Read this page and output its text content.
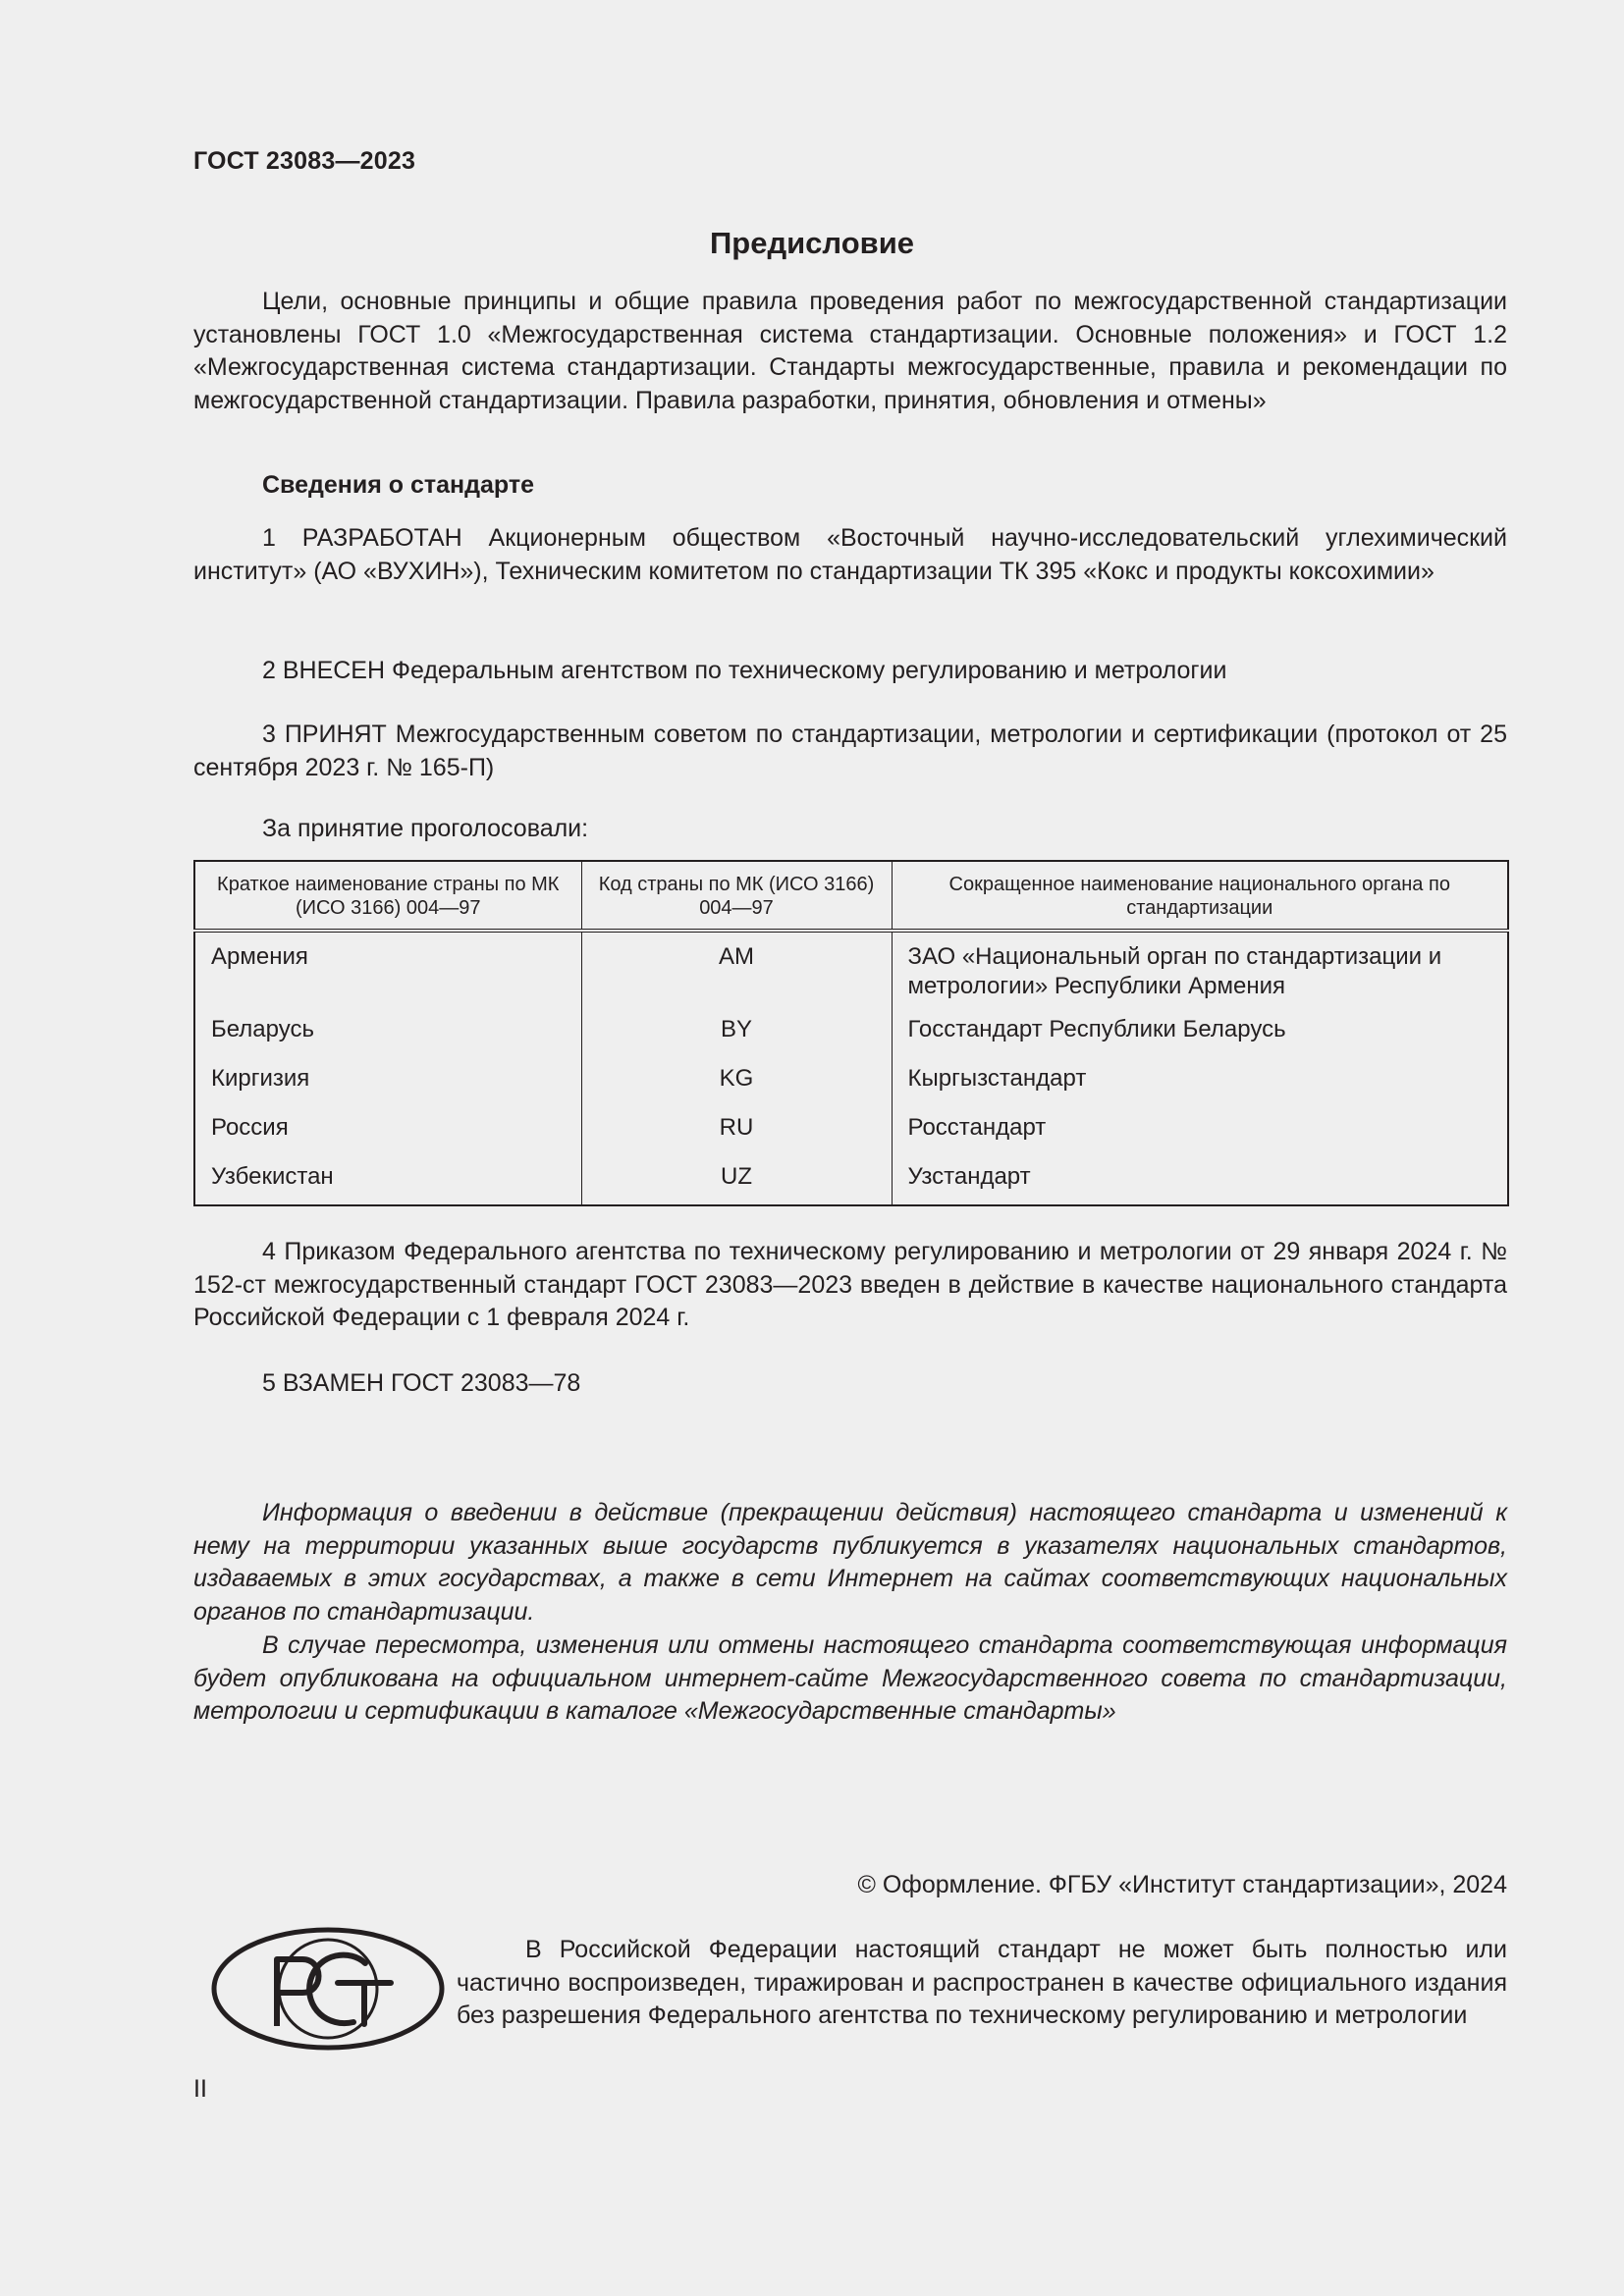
ГОСТ 23083—2023
Предисловие

Цели, основные принципы и общие правила проведения работ по межгосударственной стандартизации установлены ГОСТ 1.0 «Межгосударственная система стандартизации. Основные положения» и ГОСТ 1.2 «Межгосударственная система стандартизации. Стандарты межгосударственные, правила и рекомендации по межгосударственной стандартизации. Правила разработки, принятия, обновления и отмены»

Сведения о стандарте

1 РАЗРАБОТАН Акционерным обществом «Восточный научно-исследовательский углехимический институт» (АО «ВУХИН»), Техническим комитетом по стандартизации ТК 395 «Кокс и продукты коксохимии»

2 ВНЕСЕН Федеральным агентством по техническому регулированию и метрологии

3 ПРИНЯТ Межгосударственным советом по стандартизации, метрологии и сертификации (протокол от 25 сентября 2023 г. № 165-П)

За принятие проголосовали:
Краткое наименование страны по МК (ИСО 3166) 004—97	Код страны по МК (ИСО 3166) 004—97	Сокращенное наименование национального органа по стандартизации
Армения	AM	ЗАО «Национальный орган по стандартизации и метрологии» Республики Армения
Беларусь	BY	Госстандарт Республики Беларусь
Киргизия	KG	Кыргызстандарт
Россия	RU	Росстандарт
Узбекистан	UZ	Узстандарт

4 Приказом Федерального агентства по техническому регулированию и метрологии от 29 января 2024 г. № 152-ст межгосударственный стандарт ГОСТ 23083—2023 введен в действие в качестве национального стандарта Российской Федерации с 1 февраля 2024 г.

5 ВЗАМЕН ГОСТ 23083—78

Информация о введении в действие (прекращении действия) настоящего стандарта и изменений к нему на территории указанных выше государств публикуется в указателях национальных стандартов, издаваемых в этих государствах, а также в сети Интернет на сайтах соответствующих национальных органов по стандартизации.

В случае пересмотра, изменения или отмены настоящего стандарта соответствующая информация будет опубликована на официальном интернет-сайте Межгосударственного совета по стандартизации, метрологии и сертификации в каталоге «Межгосударственные стандарты»

© Оформление. ФГБУ «Институт стандартизации», 2024

В Российской Федерации настоящий стандарт не может быть полностью или частично воспроизведен, тиражирован и распространен в качестве официального издания без разрешения Федерального агентства по техническому регулированию и метрологии

II
